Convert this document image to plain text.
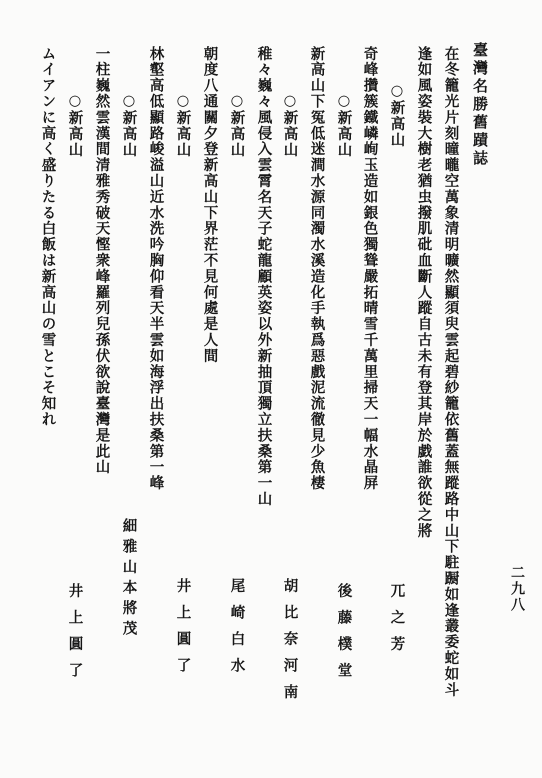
二九八
臺灣名勝舊蹟誌
在冬籠光片刻曈曨空萬象清明曠然顯須臾雲起碧紗籠依舊蓋無蹤路中山下駐蹰如逢叢委蛇如斗
逢如風姿裝大樹老猶虫撥肌砒血斷人蹤自古未有登其岸於戯誰欲從之將
○新高山
奇峰攢簇鐵嶙峋玉造如銀色獨聳嚴拓晴雪千萬里掃天一幅水晶屏
○新高山
新高山下冤低迷澗水源同濁水溪造化手執爲惡戲泥流徹見少魚棲
○新高山
稚々巍々風侵入雲霄名天子蛇龍顧英姿以外新抽頂獨立扶桑第一山
○新高山
朝度八通關夕登新高山下界茫不見何處是人間
○新高山
林壑高低顯路峻溢山近水洗吟胸仰看天半雲如海浮出扶桑第一峰
○新高山
一柱巍然雲漢間清雅秀破天慳衆峰羅列兒孫伏欲說臺灣是此山
○新高山
ムイアンに高く盛りたる白飯は新高山の雪とこそ知れ
兀之芳
後藤樸堂
胡比奈河南
尾崎白水
井上圓了
細雅山本將茂
井上圓了
